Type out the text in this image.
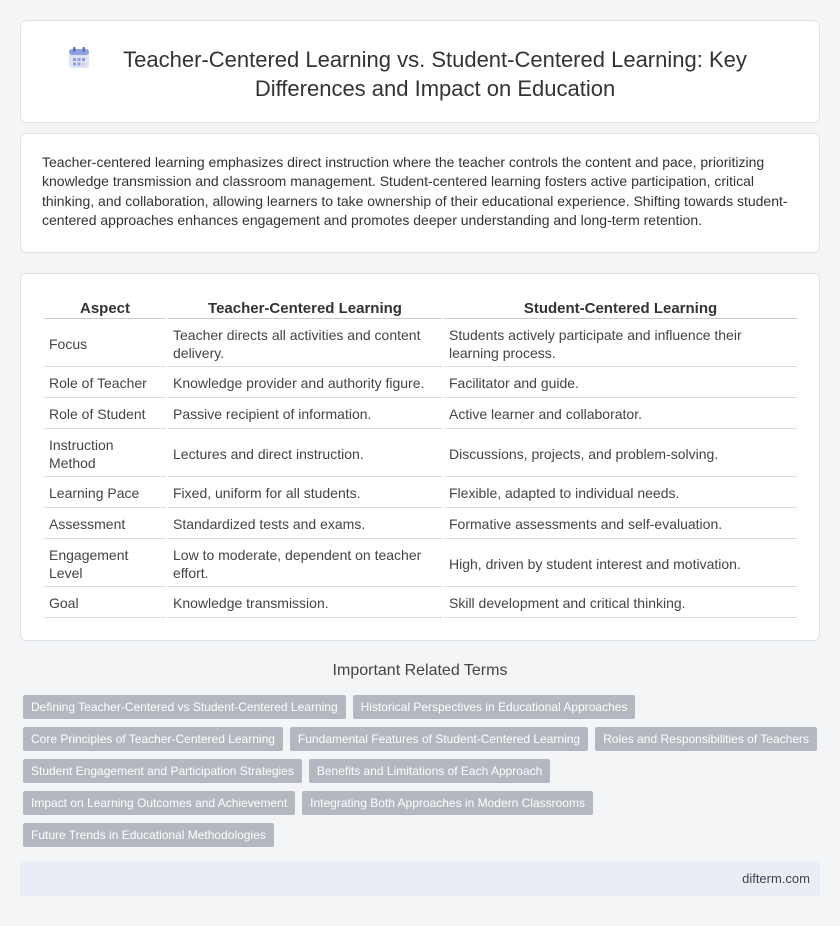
Teacher-Centered Learning vs. Student-Centered Learning: Key Differences and Impact on Education

Teacher-centered learning emphasizes direct instruction where the teacher controls the content and pace, prioritizing knowledge transmission and classroom management. Student-centered learning fosters active participation, critical thinking, and collaboration, allowing learners to take ownership of their educational experience. Shifting towards student-centered approaches enhances engagement and promotes deeper understanding and long-term retention.

Aspect	Teacher-Centered Learning	Student-Centered Learning
Focus	Teacher directs all activities and content delivery.	Students actively participate and influence their learning process.
Role of Teacher	Knowledge provider and authority figure.	Facilitator and guide.
Role of Student	Passive recipient of information.	Active learner and collaborator.
Instruction Method	Lectures and direct instruction.	Discussions, projects, and problem-solving.
Learning Pace	Fixed, uniform for all students.	Flexible, adapted to individual needs.
Assessment	Standardized tests and exams.	Formative assessments and self-evaluation.
Engagement Level	Low to moderate, dependent on teacher effort.	High, driven by student interest and motivation.
Goal	Knowledge transmission.	Skill development and critical thinking.
Important Related Terms
Defining Teacher-Centered vs Student-Centered Learning	Historical Perspectives in Educational Approaches
Core Principles of Teacher-Centered Learning	Fundamental Features of Student-Centered Learning	Roles and Responsibilities of Teachers
Student Engagement and Participation Strategies	Benefits and Limitations of Each Approach
Impact on Learning Outcomes and Achievement	Integrating Both Approaches in Modern Classrooms
Future Trends in Educational Methodologies
difterm.com
